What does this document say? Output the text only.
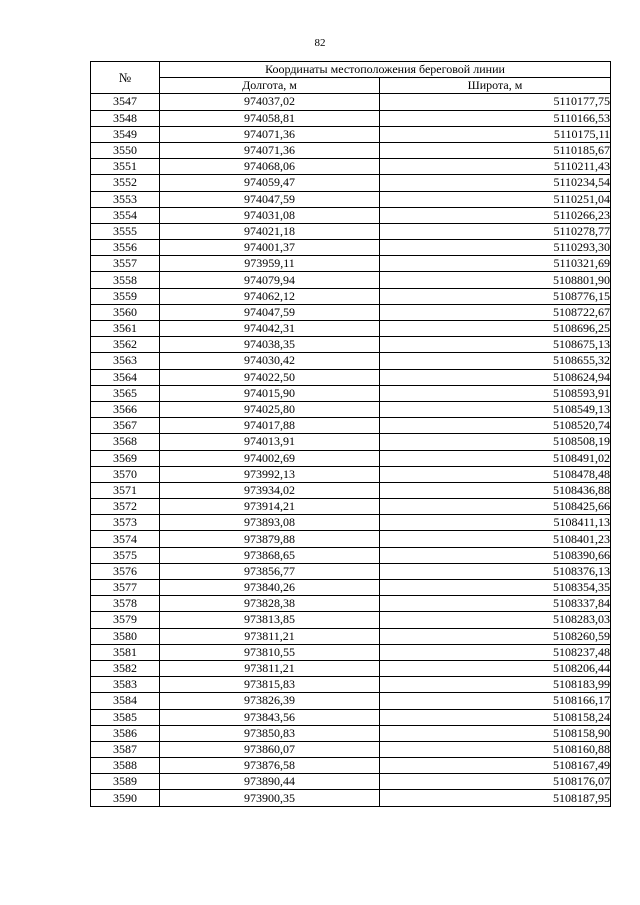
82
№	Координаты местоположения береговой линии	
	Долгота, м	Широта, м
3547	974037,02	5110177,75
3548	974058,81	5110166,53
3549	974071,36	5110175,11
3550	974071,36	5110185,67
3551	974068,06	5110211,43
3552	974059,47	5110234,54
3553	974047,59	5110251,04
3554	974031,08	5110266,23
3555	974021,18	5110278,77
3556	974001,37	5110293,30
3557	973959,11	5110321,69
3558	974079,94	5108801,90
3559	974062,12	5108776,15
3560	974047,59	5108722,67
3561	974042,31	5108696,25
3562	974038,35	5108675,13
3563	974030,42	5108655,32
3564	974022,50	5108624,94
3565	974015,90	5108593,91
3566	974025,80	5108549,13
3567	974017,88	5108520,74
3568	974013,91	5108508,19
3569	974002,69	5108491,02
3570	973992,13	5108478,48
3571	973934,02	5108436,88
3572	973914,21	5108425,66
3573	973893,08	5108411,13
3574	973879,88	5108401,23
3575	973868,65	5108390,66
3576	973856,77	5108376,13
3577	973840,26	5108354,35
3578	973828,38	5108337,84
3579	973813,85	5108283,03
3580	973811,21	5108260,59
3581	973810,55	5108237,48
3582	973811,21	5108206,44
3583	973815,83	5108183,99
3584	973826,39	5108166,17
3585	973843,56	5108158,24
3586	973850,83	5108158,90
3587	973860,07	5108160,88
3588	973876,58	5108167,49
3589	973890,44	5108176,07
3590	973900,35	5108187,95
